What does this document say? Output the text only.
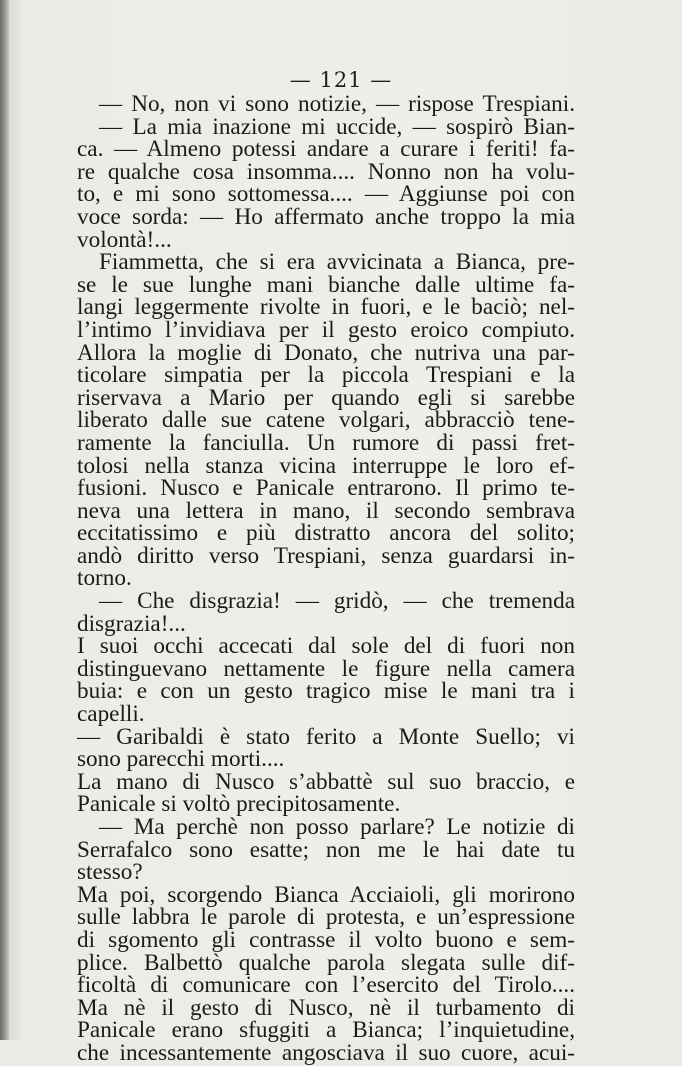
— 121 —
— No, non vi sono notizie, — rispose Trespiani.
— La mia inazione mi uccide, — sospirò Bian-
ca. — Almeno potessi andare a curare i feriti! fa-
re qualche cosa insomma.... Nonno non ha volu-
to, e mi sono sottomessa.... — Aggiunse poi con
voce sorda: — Ho affermato anche troppo la mia
volontà!...
Fiammetta, che si era avvicinata a Bianca, pre-
se le sue lunghe mani bianche dalle ultime fa-
langi leggermente rivolte in fuori, e le baciò; nel-
l’intimo l’invidiava per il gesto eroico compiuto.
Allora la moglie di Donato, che nutriva una par-
ticolare simpatia per la piccola Trespiani e la
riservava a Mario per quando egli si sarebbe
liberato dalle sue catene volgari, abbracciò tene-
ramente la fanciulla. Un rumore di passi fret-
tolosi nella stanza vicina interruppe le loro ef-
fusioni. Nusco e Panicale entrarono. Il primo te-
neva una lettera in mano, il secondo sembrava
eccitatissimo e più distratto ancora del solito;
andò diritto verso Trespiani, senza guardarsi in-
torno.
— Che disgrazia! — gridò, — che tremenda
disgrazia!...
I suoi occhi accecati dal sole del di fuori non
distinguevano nettamente le figure nella camera
buia: e con un gesto tragico mise le mani tra i
capelli.
— Garibaldi è stato ferito a Monte Suello; vi
sono parecchi morti....
La mano di Nusco s’abbattè sul suo braccio, e
Panicale si voltò precipitosamente.
— Ma perchè non posso parlare? Le notizie di
Serrafalco sono esatte; non me le hai date tu
stesso?
Ma poi, scorgendo Bianca Acciaioli, gli morirono
sulle labbra le parole di protesta, e un’espressione
di sgomento gli contrasse il volto buono e sem-
plice. Balbettò qualche parola slegata sulle dif-
ficoltà di comunicare con l’esercito del Tirolo....
Ma nè il gesto di Nusco, nè il turbamento di
Panicale erano sfuggiti a Bianca; l’inquietudine,
che incessantemente angosciava il suo cuore, acui-
